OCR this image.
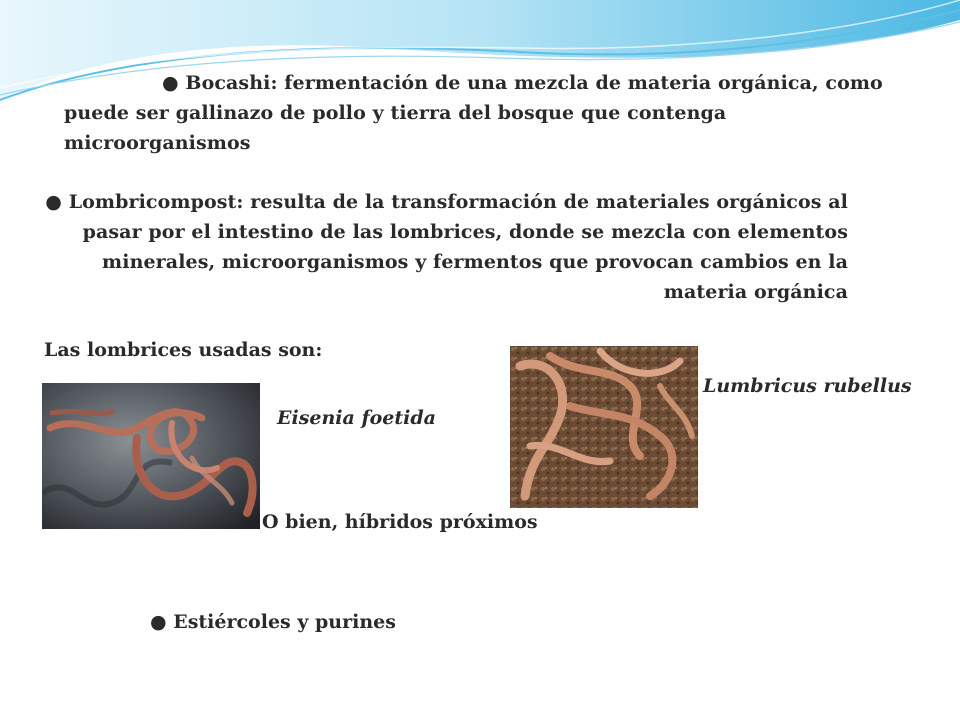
● Bocashi: fermentación de una mezcla de materia orgánica, como puede ser gallinazo de pollo y tierra del bosque que contenga microorganismos
● Lombricompost: resulta de la transformación de materiales orgánicos al pasar por el intestino de las lombrices, donde se mezcla con elementos minerales, microorganismos y fermentos que provocan cambios en la materia orgánica
Las lombrices usadas son:
Eisenia foetida
Lumbricus rubellus
O bien, híbridos próximos
● Estiércoles y purines
